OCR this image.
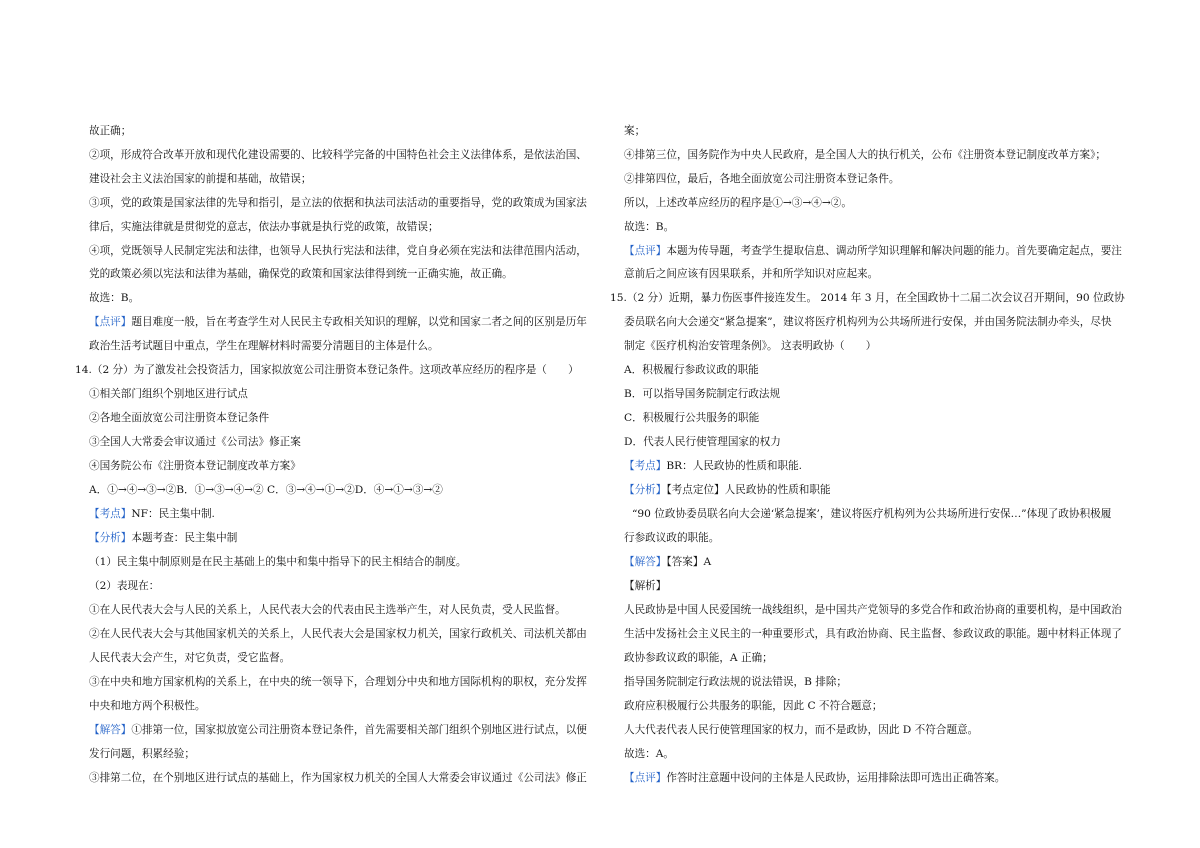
故正确；
②项，形成符合改革开放和现代化建设需要的、比较科学完备的中国特色社会主义法律体系，是依法治国、
建设社会主义法治国家的前提和基础，故错误；
③项，党的政策是国家法律的先导和指引，是立法的依据和执法司法活动的重要指导，党的政策成为国家法
律后，实施法律就是贯彻党的意志，依法办事就是执行党的政策，故错误；
④项，党既领导人民制定宪法和法律，也领导人民执行宪法和法律，党自身必须在宪法和法律范围内活动，
党的政策必须以宪法和法律为基础，确保党的政策和国家法律得到统一正确实施，故正确。
故选：B。
【点评】题目难度一般，旨在考查学生对人民民主专政相关知识的理解，以党和国家二者之间的区别是历年
政治生活考试题目中重点，学生在理解材料时需要分清题目的主体是什么。
14.（2 分）为了激发社会投资活力，国家拟放宽公司注册资本登记条件。这项改革应经历的程序是（　　）
①相关部门组织个别地区进行试点
②各地全面放宽公司注册资本登记条件
③全国人大常委会审议通过《公司法》修正案
④国务院公布《注册资本登记制度改革方案》
A．①→④→③→②B．①→③→④→② C．③→④→①→②D．④→①→③→②
【考点】NF：民主集中制.
【分析】本题考查：民主集中制
（1）民主集中制原则是在民主基础上的集中和集中指导下的民主相结合的制度。
（2）表现在：
①在人民代表大会与人民的关系上，人民代表大会的代表由民主选举产生，对人民负责，受人民监督。
②在人民代表大会与其他国家机关的关系上，人民代表大会是国家权力机关，国家行政机关、司法机关都由
人民代表大会产生，对它负责，受它监督。
③在中央和地方国家机构的关系上，在中央的统一领导下，合理划分中央和地方国际机构的职权，充分发挥
中央和地方两个积极性。
【解答】①排第一位，国家拟放宽公司注册资本登记条件，首先需要相关部门组织个别地区进行试点，以便
发行问题，积累经验；
③排第二位，在个别地区进行试点的基础上，作为国家权力机关的全国人大常委会审议通过《公司法》修正
案；
④排第三位，国务院作为中央人民政府，是全国人大的执行机关，公布《注册资本登记制度改革方案》；
②排第四位，最后，各地全面放宽公司注册资本登记条件。
所以，上述改革应经历的程序是①→③→④→②。
故选：B。
【点评】本题为传导题，考查学生提取信息、调动所学知识理解和解决问题的能力。首先要确定起点，要注
意前后之间应该有因果联系，并和所学知识对应起来。
15.（2 分）近期，暴力伤医事件接连发生。 2014 年 3 月，在全国政协十二届二次会议召开期间，90 位政协
委员联名向大会递交“紧急提案”，建议将医疗机构列为公共场所进行安保，并由国务院法制办牵头，尽快
制定《医疗机构治安管理条例》。 这表明政协（　　）
A．积极履行参政议政的职能
B．可以指导国务院制定行政法规
C．积极履行公共服务的职能
D．代表人民行使管理国家的权力
【考点】BR：人民政协的性质和职能.
【分析】【考点定位】人民政协的性质和职能
“90 位政协委员联名向大会递‘紧急提案’，建议将医疗机构列为公共场所进行安保…”体现了政协积极履
行参政议政的职能。
【解答】【答案】A
【解析】
人民政协是中国人民爱国统一战线组织，是中国共产党领导的多党合作和政治协商的重要机构，是中国政治
生活中发扬社会主义民主的一种重要形式，具有政治协商、民主监督、参政议政的职能。题中材料正体现了
政协参政议政的职能，A 正确；
指导国务院制定行政法规的说法错误，B 排除；
政府应积极履行公共服务的职能，因此 C 不符合题意；
人大代表代表人民行使管理国家的权力，而不是政协，因此 D 不符合题意。
故选：A。
【点评】作答时注意题中设问的主体是人民政协，运用排除法即可选出正确答案。
